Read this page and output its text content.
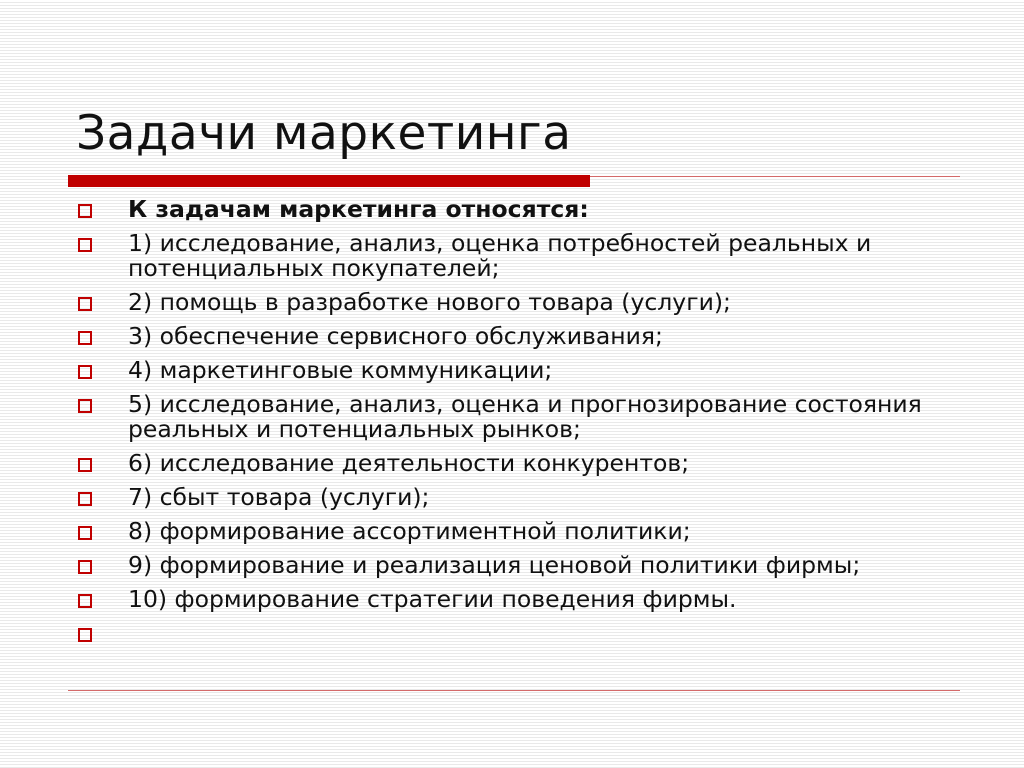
Задачи маркетинга
К задачам маркетинга относятся:
1) исследование, анализ, оценка потребностей реальных и потенциальных покупателей;
2) помощь в разработке нового товара (услуги);
3) обеспечение сервисного обслуживания;
4) маркетинговые коммуникации;
5) исследование, анализ, оценка и прогнозирование состояния реальных и потенциальных рынков;
6) исследование деятельности конкурентов;
7) сбыт товара (услуги);
8) формирование ассортиментной политики;
9) формирование и реализация ценовой политики фирмы;
10) формирование стратегии поведения фирмы.
